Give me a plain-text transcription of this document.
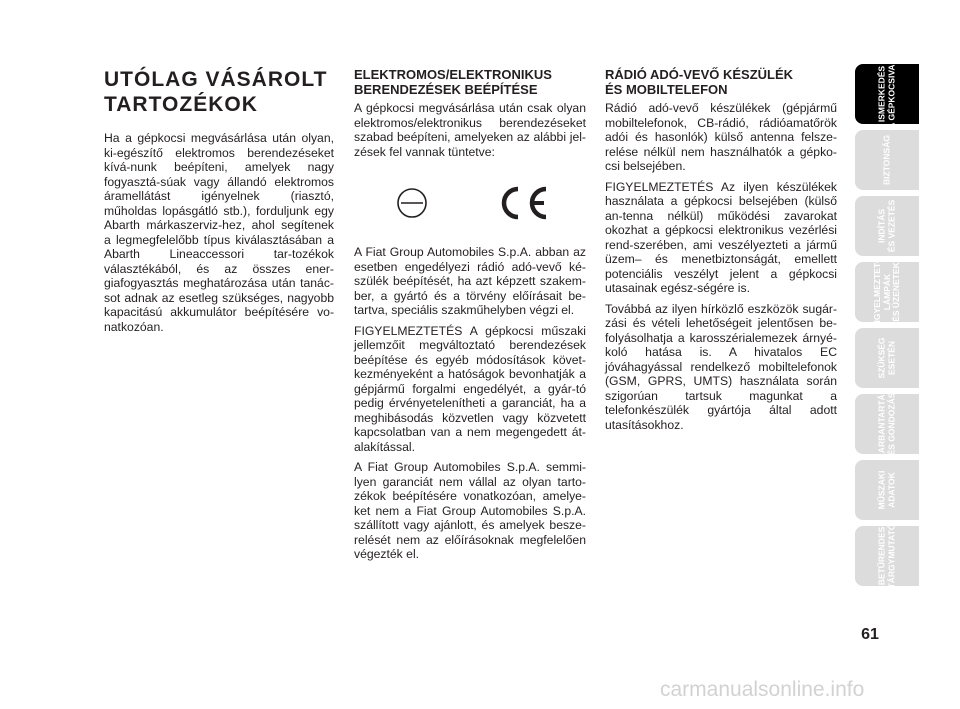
UTÓLAG VÁSÁROLT
TARTOZÉKOK

Ha a gépkocsi megvásárlása után olyan, ki-egészítő elektromos berendezéseket kívá-nunk beépíteni, amelyek nagy fogyasztá-súak vagy állandó elektromos áramellátást igényelnek (riasztó, műholdas lopásgátló stb.), forduljunk egy Abarth márkaszerviz-hez, ahol segítenek a legmegfelelőbb típus kiválasztásában a Abarth Lineaccessori tar-tozékok választékából, és az összes ener-giafogyasztás meghatározása után tanác-sot adnak az esetleg szükséges, nagyobb kapacitású akkumulátor beépítésére vo-natkozóan.

ELEKTROMOS/ELEKTRONIKUS
BERENDEZÉSEK BEÉPÍTÉSE

A gépkocsi megvásárlása után csak olyan elektromos/elektronikus berendezéseket szabad beépíteni, amelyeken az alábbi jel-zések fel vannak tüntetve:

A Fiat Group Automobiles S.p.A. abban az esetben engedélyezi rádió adó-vevő ké-szülék beépítését, ha azt képzett szakem-ber, a gyártó és a törvény előírásait be-tartva, speciális szakműhelyben végzi el.

FIGYELMEZTETÉS A gépkocsi műszaki jellemzőit megváltoztató berendezések beépítése és egyéb módosítások követ-kezményeként a hatóságok bevonhatják a gépjármű forgalmi engedélyét, a gyár-tó pedig érvényetelenítheti a garanciát, ha a meghibásodás közvetlen vagy közvetett kapcsolatban van a nem megengedett át-alakítással.

A Fiat Group Automobiles S.p.A. semmi-lyen garanciát nem vállal az olyan tarto-zékok beépítésére vonatkozóan, amelye-ket nem a Fiat Group Automobiles S.p.A. szállított vagy ajánlott, és amelyek besze-relését nem az előírásoknak megfelelően végezték el.

RÁDIÓ ADÓ-VEVŐ KÉSZÜLÉK
ÉS MOBILTELEFON

Rádió adó-vevő készülékek (gépjármű mobiltelefonok, CB-rádió, rádióamatőrök adói és hasonlók) külső antenna felsze-relése nélkül nem használhatók a gépko-csi belsejében.

FIGYELMEZTETÉS Az ilyen készülékek használata a gépkocsi belsejében (külső an-tenna nélkül) működési zavarokat okozhat a gépkocsi elektronikus vezérlési rend-szerében, ami veszélyezteti a jármű üzem– és menetbiztonságát, emellett potenciális veszélyt jelent a gépkocsi utasainak egész-ségére is.

Továbbá az ilyen hírközlő eszközök sugár-zási és vételi lehetőségeit jelentősen be-folyásolhatja a karosszérialemezek árnyé-koló hatása is. A hivatalos EC jóváhagyással rendelkező mobiltelefonok (GSM, GPRS, UMTS) használata során szigorúan tartsuk magunkat a telefonkészülék gyártója által adott utasításokhoz.

ISMERKEDÉS A GÉPKOCSIVAL
BIZTONSÁG
INDÍTÁS ÉS VEZETÉS
FIGYELMEZTETŐ LÁMPÁK ÉS ÜZENETEK
SZÜKSÉG ESETÉN
KARBANTARTÁS ÉS GONDOZÁS
MŰSZAKI ADATOK
BETŰRENDES TÁRGYMUTATÓ
61
carmanualsonline.info
